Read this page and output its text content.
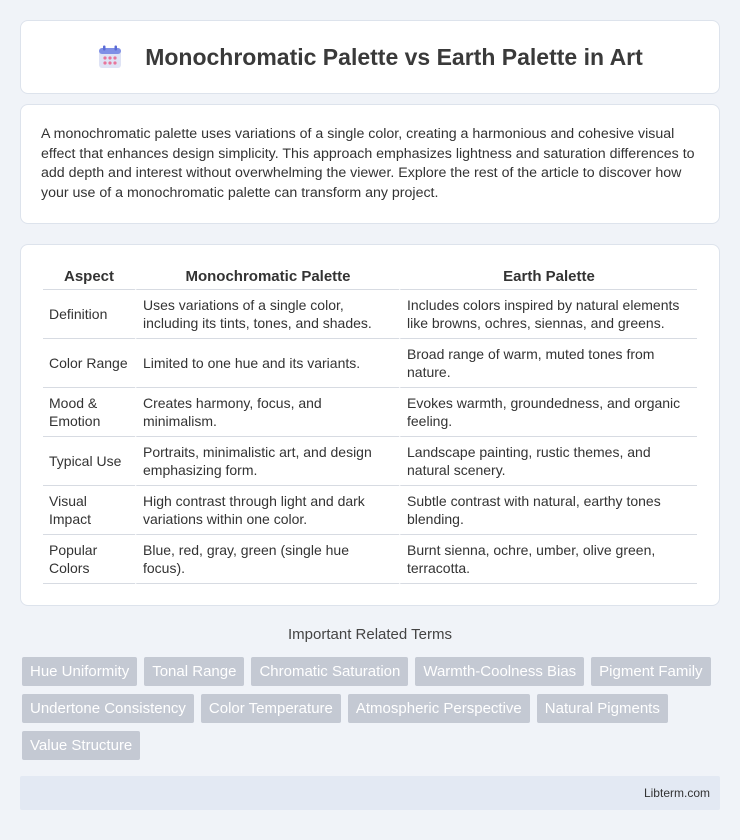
Monochromatic Palette vs Earth Palette in Art

A monochromatic palette uses variations of a single color, creating a harmonious and cohesive visual effect that enhances design simplicity. This approach emphasizes lightness and saturation differences to add depth and interest without overwhelming the viewer. Explore the rest of the article to discover how your use of a monochromatic palette can transform any project.

Aspect	Monochromatic Palette	Earth Palette
Definition	Uses variations of a single color, including its tints, tones, and shades.	Includes colors inspired by natural elements like browns, ochres, siennas, and greens.
Color Range	Limited to one hue and its variants.	Broad range of warm, muted tones from nature.
Mood & Emotion	Creates harmony, focus, and minimalism.	Evokes warmth, groundedness, and organic feeling.
Typical Use	Portraits, minimalistic art, and design emphasizing form.	Landscape painting, rustic themes, and natural scenery.
Visual Impact	High contrast through light and dark variations within one color.	Subtle contrast with natural, earthy tones blending.
Popular Colors	Blue, red, gray, green (single hue focus).	Burnt sienna, ochre, umber, olive green, terracotta.
Important Related Terms
Hue Uniformity	Tonal Range	Chromatic Saturation	Warmth-Coolness Bias	Pigment Family
Undertone Consistency	Color Temperature	Atmospheric Perspective	Natural Pigments
Value Structure
Libterm.com
